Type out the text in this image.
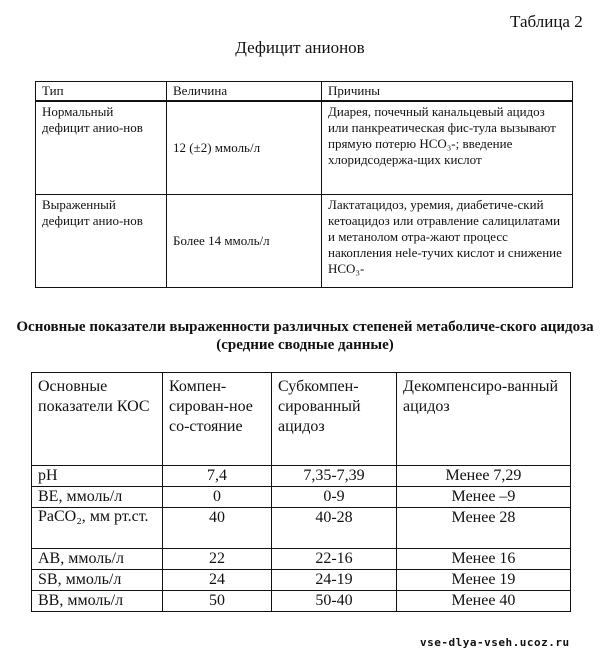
Таблица 2
Дефицит анионов
Тип	Величина	Причины
Нормальный дефицит анио-нов	12 (±2) ммоль/л	Диарея, почечный канальцевый ацидоз или панкреатическая фис-тула вызывают прямую потерю HCO₃-; введение хлоридсодержа-щих кислот
Выраженный дефицит анио-нов	Более 14 ммоль/л	Лактатацидоз, уремия, диабетиче-ский кетоацидоз или отравление салицилатами и метанолом отра-жают процесс накопления нele-тучих кислот и снижение HCO₃-
Основные показатели выраженности различных степеней метаболиче-ского ацидоза (средние сводные данные)
Основные показатели КОС	Компен-сирован-ное со-стояние	Субкомпен-сированный ацидоз	Декомпенсиро-ванный ацидоз
pH	7,4	7,35-7,39	Менее 7,29
BE, ммоль/л	0	0-9	Менее –9
PaCO₂, мм рт.ст.	40	40-28	Менее 28
AB, ммоль/л	22	22-16	Менее 16
SB, ммоль/л	24	24-19	Менее 19
BB, ммоль/л	50	50-40	Менее 40
vse-dlya-vseh.ucoz.ru
